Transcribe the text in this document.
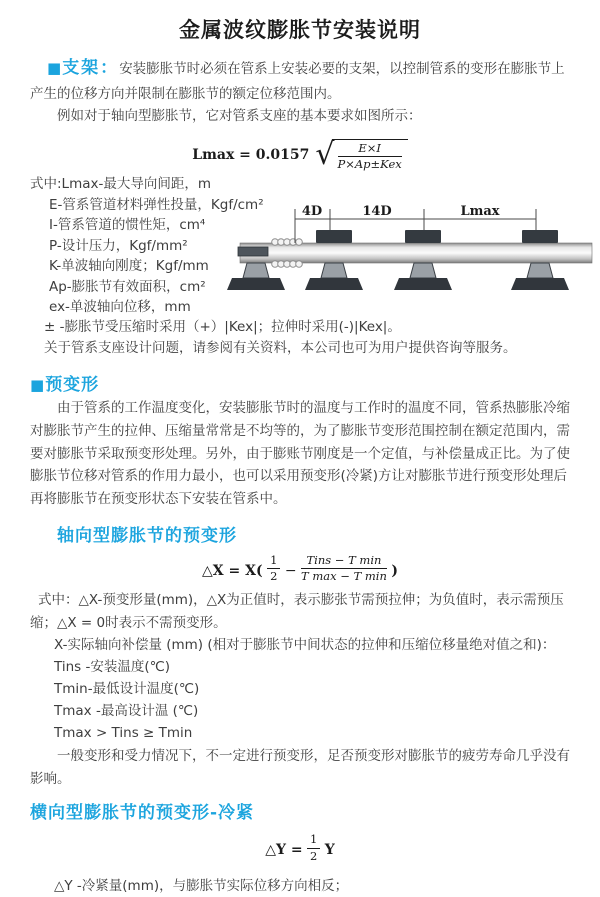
金属波纹膨胀节安装说明

■支架：安装膨胀节时必须在管系上安装必要的支架，以控制管系的变形在膨胀节上产生的位移方向并限制在膨胀节的额定位移范围内。

例如对于轴向型膨胀节，它对管系支座的基本要求如图所示：

Lmax = 0.0157 √ $\frac{E\times I}{\text{P×Ap±Kex}}$
式中:Lmax-最大导向间距，m
E-管系管道材料弹性投量，Kgf/cm²
I-管系管道的惯性矩，cm⁴
P-设计压力，Kgf/mm²
K-单波轴向刚度；Kgf/mm
Ap-膨胀节有效面积，cm²
ex-单波轴向位移，mm
± -膨胀节受压缩时采用（+）|Kex|；拉伸时采用(-)|Kex|。
关于管系支座设计问题，请参阅有关资料，本公司也可为用户提供咨询等服务。
4D	14D	Lmax
■预变形

由于管系的工作温度变化，安装膨胀节时的温度与工作时的温度不同，管系热膨胀冷缩对膨胀节产生的拉伸、压缩量常常是不均等的，为了膨胀节变形范围控制在额定范围内，需要对膨胀节采取预变形处理。另外，由于膨账节刚度是一个定值，与补偿量成正比。为了使膨胀节位移对管系的作用力最小，也可以采用预变形(冷紧)方让对膨胀节进行预变形处理后再将膨胀节在预变形状态下安装在管系中。

轴向型膨胀节的预变形
△X = $X( \frac{1}{2} - \frac{\text{Tins − T min}}{\text{T max − T min}}$ )

式中：△X-预变形量(mm)，△X为正值时，表示膨张节需预拉伸；为负值时，表示需预压缩；△X = 0时表示不需预变形。

X-实际轴向补偿量 (mm) (相对于膨胀节中间状态的拉伸和压缩位移量绝对值之和)：
Tins -安装温度(℃)
Tmin-最低设计温度(℃)
Tmax -最高设计温 (℃)
Tmax > Tins ≥ Tmin

一般变形和受力情况下，不一定进行预变形，足否预变形对膨胀节的疲劳寿命几乎没有影响。

横向型膨胀节的预变形-冷紧
△Y = $\frac{1}{2}$ Y

△Y -冷紧量(mm)，与膨胀节实际位移方向相反；
